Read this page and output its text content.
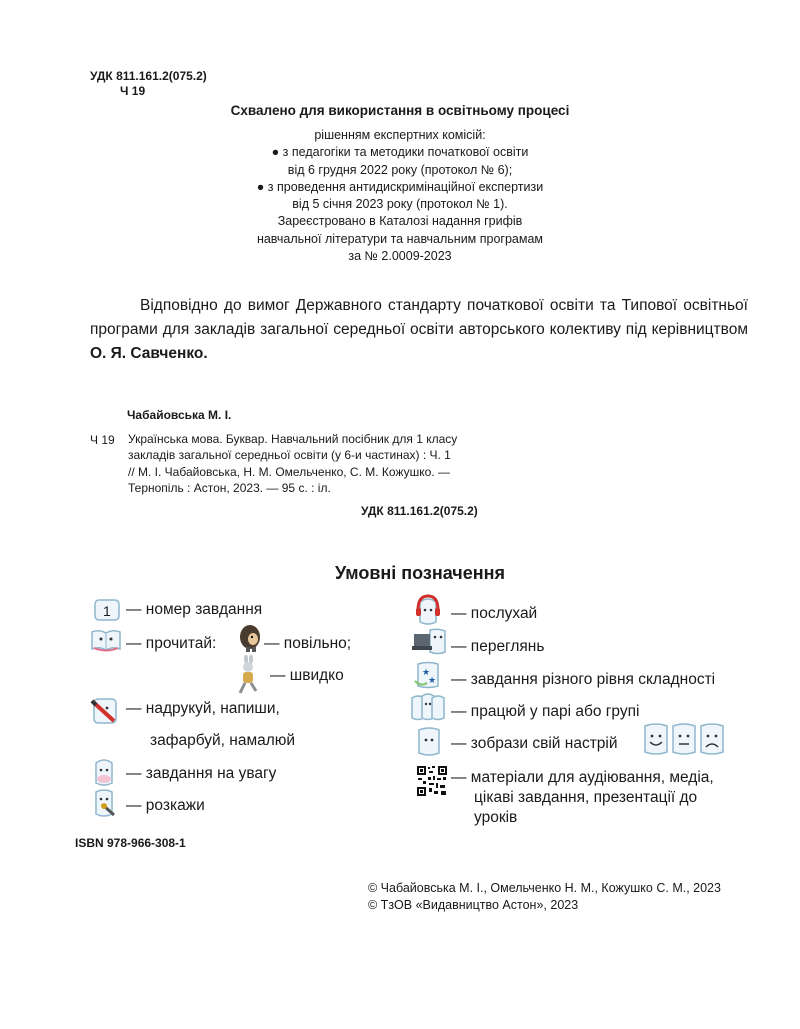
УДК 811.161.2(075.2)
Ч 19
Схвалено для використання в освітньому процесі
рішенням експертних комісій:
● з педагогіки та методики початкової освіти
від 6 грудня 2022 року (протокол № 6);
● з проведення антидискримінаційної експертизи
від 5 січня 2023 року (протокол № 1).
Зареєстровано в Каталозі надання грифів
навчальної літератури та навчальним програмам
за № 2.0009-2023
Відповідно до вимог Державного стандарту початкової освіти та Типової освітньої програми для закладів загальної середньої освіти авторського колективу під керівництвом О. Я. Савченко.
Чабайовська М. І.
Ч 19 Українська мова. Буквар. Навчальний посібник для 1 класу
закладів загальної середньої освіти (у 6-и частинах) : Ч. 1
// М. І. Чабайовська, Н. М. Омельченко, С. М. Кожушко. —
Тернопіль : Астон, 2023. — 95 с. : іл.
УДК 811.161.2(075.2)
Умовні позначення
1 — номер завдання
— прочитай:	— повільно;
— швидко
— надрукуй, напиши,
зафарбуй, намалюй
— завдання на увагу
— розкажи
— послухай
— переглянь
★
★ — завдання різного рівня складності
— працюй у парі або групі
— зобрази свій настрій
— матеріали для аудіювання, медіа,
цікаві завдання, презентації до
уроків
ISBN 978-966-308-1
© Чабайовська М. І., Омельченко Н. М., Кожушко С. М., 2023
© ТзОВ «Видавництво Астон», 2023
